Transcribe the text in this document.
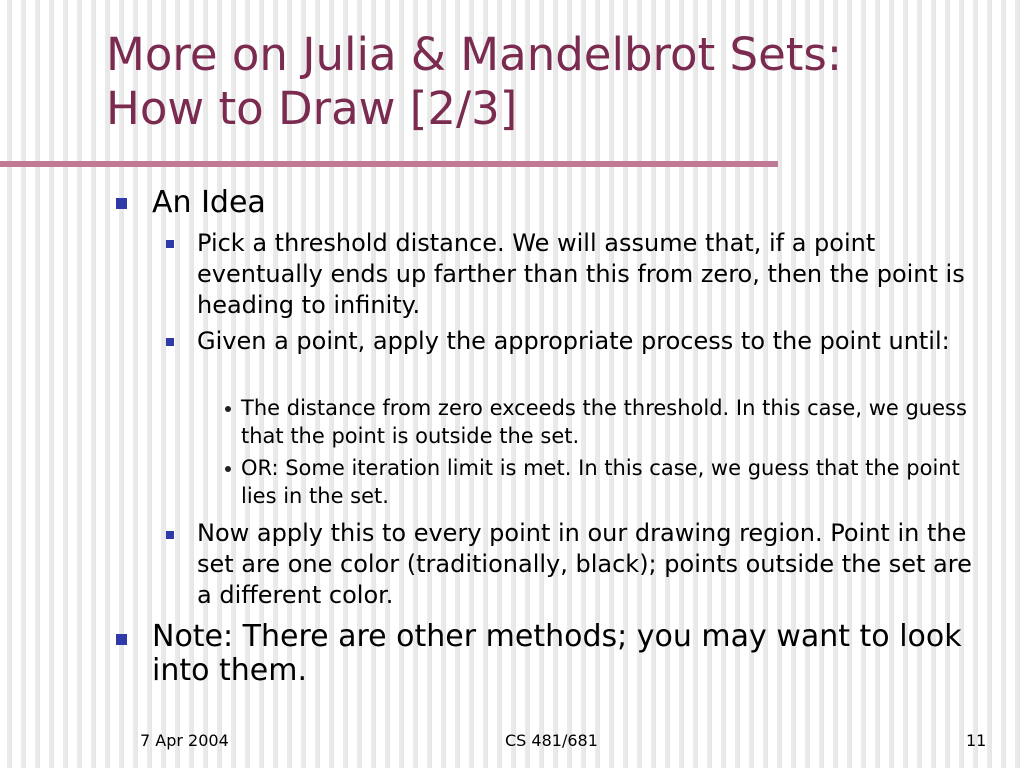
More on Julia & Mandelbrot Sets:
How to Draw [2/3]
An Idea
Pick a threshold distance. We will assume that, if a point eventually ends up farther than this from zero, then the point is heading to infinity.
Given a point, apply the appropriate process to the point until:
The distance from zero exceeds the threshold. In this case, we guess that the point is outside the set.
OR: Some iteration limit is met. In this case, we guess that the point lies in the set.
Now apply this to every point in our drawing region. Point in the set are one color (traditionally, black); points outside the set are a different color.
Note: There are other methods; you may want to look into them.
7 Apr 2004	CS 481/681	11
